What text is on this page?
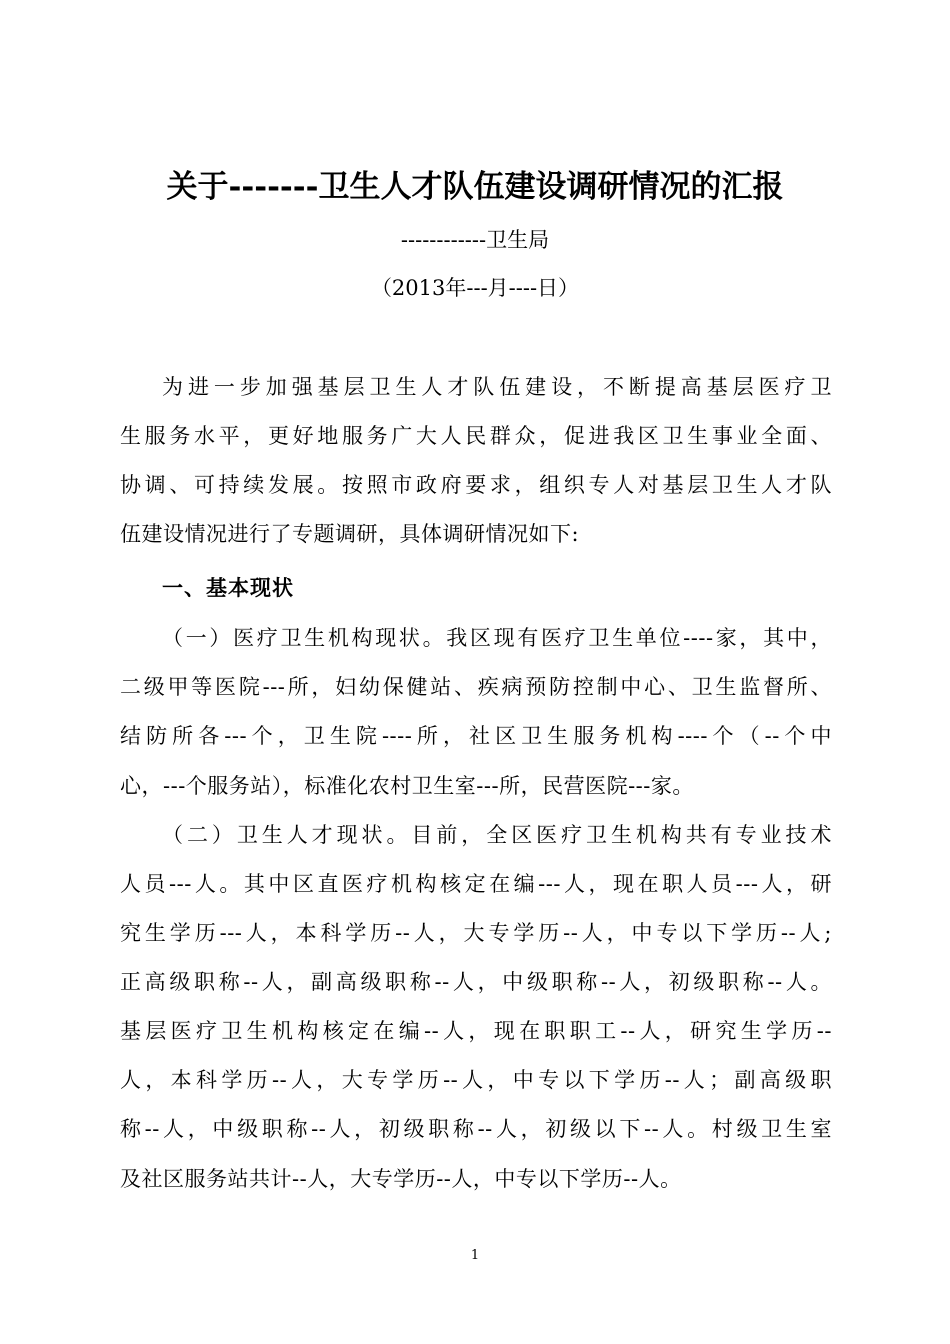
关于-------卫生人才队伍建设调研情况的汇报
------------卫生局
（2013年---月----日）
为进一步加强基层卫生人才队伍建设，不断提高基层医疗卫
生服务水平，更好地服务广大人民群众，促进我区卫生事业全面、
协调、可持续发展。按照市政府要求，组织专人对基层卫生人才队
伍建设情况进行了专题调研，具体调研情况如下:
一、基本现状
（一）医疗卫生机构现状。我区现有医疗卫生单位----家，其中，
二级甲等医院---所，妇幼保健站、疾病预防控制中心、卫生监督所、
结防所各---个，卫生院----所，社区卫生服务机构----个（--个中
心，---个服务站），标准化农村卫生室---所，民营医院---家。
（二）卫生人才现状。目前，全区医疗卫生机构共有专业技术
人员---人。其中区直医疗机构核定在编---人，现在职人员---人，研
究生学历---人，本科学历--人，大专学历--人，中专以下学历--人;
正高级职称--人，副高级职称--人，中级职称--人，初级职称--人。
基层医疗卫生机构核定在编--人，现在职职工--人，研究生学历--
人，本科学历--人，大专学历--人，中专以下学历--人；副高级职
称--人，中级职称--人，初级职称--人，初级以下--人。村级卫生室
及社区服务站共计--人，大专学历--人，中专以下学历--人。
1
